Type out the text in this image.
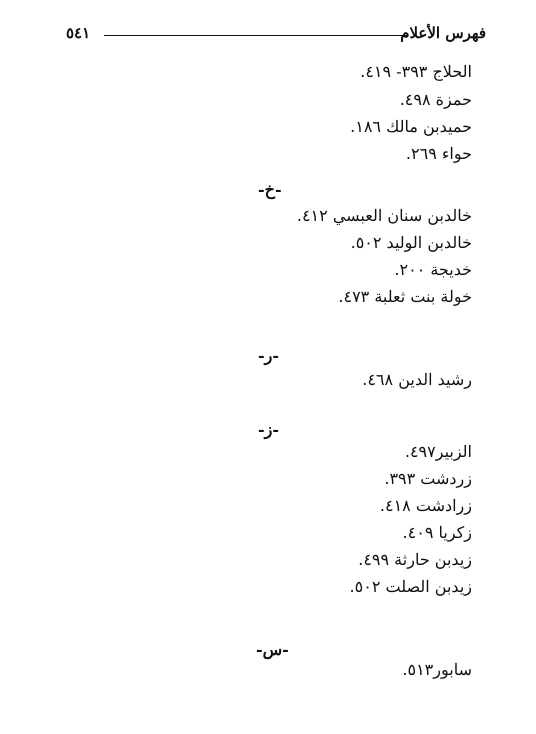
فهرس الأعلام
٥٤١
الحلاج ٣٩٣- ٤١٩.
حمزة ٤٩٨.
حميدبن مالك ١٨٦.
حواء ٢٦٩.
-خ-
خالدبن سنان العبسي ٤١٢.
خالدبن الوليد ٥٠٢.
خديجة ٢٠٠.
خولة بنت ثعلبة ٤٧٣.
-ر-
رشيد الدين ٤٦٨.
-ز-
الزبير٤٩٧.
زردشت ٣٩٣.
زرادشت ٤١٨.
زكريا ٤٠٩.
زيدبن حارثة ٤٩٩.
زيدبن الصلت ٥٠٢.
-س-
سابور٥١٣.
